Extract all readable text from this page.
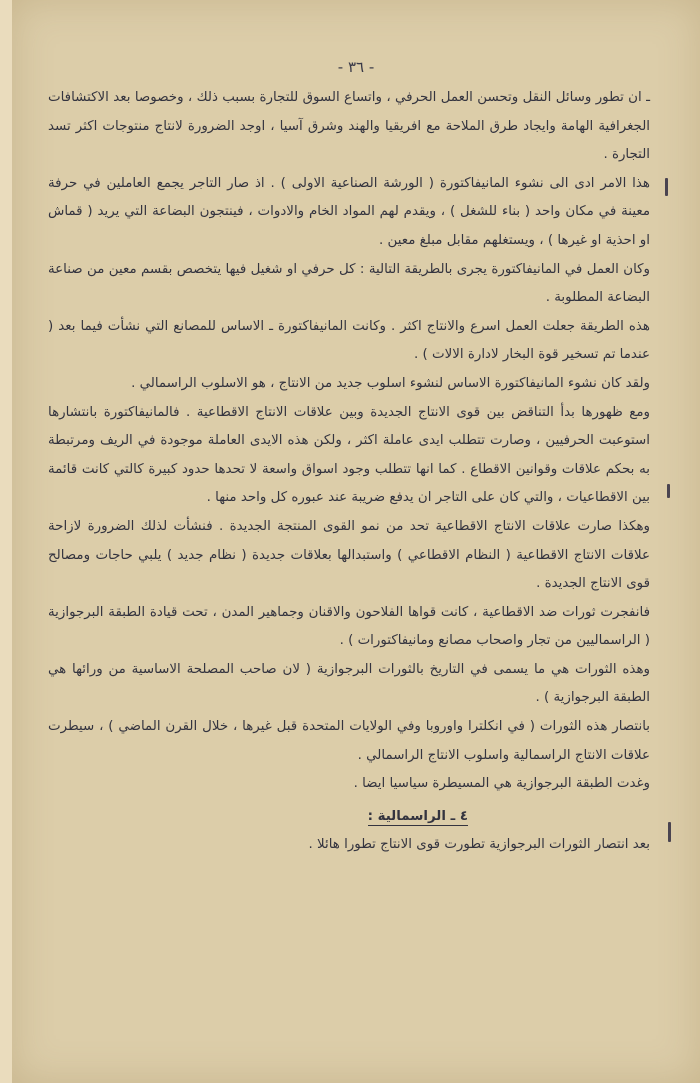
- ٣٦ -

ـ ان تطور وسائل النقل وتحسن العمل الحرفي ، واتساع السوق للتجارة بسبب ذلك ، وخصوصا بعد الاكتشافات الجغرافية الهامة وايجاد طرق الملاحة مع افريقيا والهند وشرق آسيا ، اوجد الضرورة لانتاج منتوجات اكثر تسد التجارة .

هذا الامر ادى الى نشوء المانيفاكتورة ( الورشة الصناعية الاولى ) . اذ صار التاجر يجمع العاملين في حرفة معينة في مكان واحد ( بناء للشغل ) ، ويقدم لهم المواد الخام والادوات ، فينتجون البضاعة التي يريد ( قماش او احذية او غيرها ) ، ويستغلهم مقابل مبلغ معين .

وكان العمل في المانيفاكتورة يجرى بالطريقة التالية : كل حرفي او شغيل فيها يتخصص بقسم معين من صناعة البضاعة المطلوبة .

هذه الطريقة جعلت العمل اسرع والانتاج اكثر . وكانت المانيفاكتورة ـ الاساس للمصانع التي نشأت فيما بعد ( عندما تم تسخير قوة البخار لادارة الالات ) .

ولقد كان نشوء المانيفاكتورة الاساس لنشوء اسلوب جديد من الانتاج ، هو الاسلوب الراسمالي .

ومع ظهورها بدأ التناقض بين قوى الانتاج الجديدة وبين علاقات الانتاج الاقطاعية . فالمانيفاكتورة بانتشارها استوعبت الحرفيين ، وصارت تتطلب ايدى عاملة اكثر ، ولكن هذه الايدى العاملة موجودة في الريف ومرتبطة به بحكم علاقات وقوانين الاقطاع . كما انها تتطلب وجود اسواق واسعة لا تحدها حدود كبيرة كالتي كانت قائمة بين الاقطاعيات ، والتي كان على التاجر ان يدفع ضريبة عند عبوره كل واحد منها .

وهكذا صارت علاقات الانتاج الاقطاعية تحد من نمو القوى المنتجة الجديدة . فنشأت لذلك الضرورة لازاحة علاقات الانتاج الاقطاعية ( النظام الاقطاعي ) واستبدالها بعلاقات جديدة ( نظام جديد ) يلبي حاجات ومصالح قوى الانتاج الجديدة .

فانفجرت ثورات ضد الاقطاعية ، كانت قواها الفلاحون والاقنان وجماهير المدن ، تحت قيادة الطبقة البرجوازية ( الراسماليين من تجار واصحاب مصانع ومانيفاكتورات ) .

وهذه الثورات هي ما يسمى في التاريخ بالثورات البرجوازية ( لان صاحب المصلحة الاساسية من ورائها هي الطبقة البرجوازية ) .

بانتصار هذه الثورات ( في انكلترا واوروبا وفي الولايات المتحدة قبل غيرها ، خلال القرن الماضي ) ، سيطرت علاقات الانتاج الراسمالية واسلوب الانتاج الراسمالي .

وغدت الطبقة البرجوازية هي المسيطرة سياسيا ايضا .

٤ ـ الراسمالية :

بعد انتصار الثورات البرجوازية تطورت قوى الانتاج تطورا هائلا .
